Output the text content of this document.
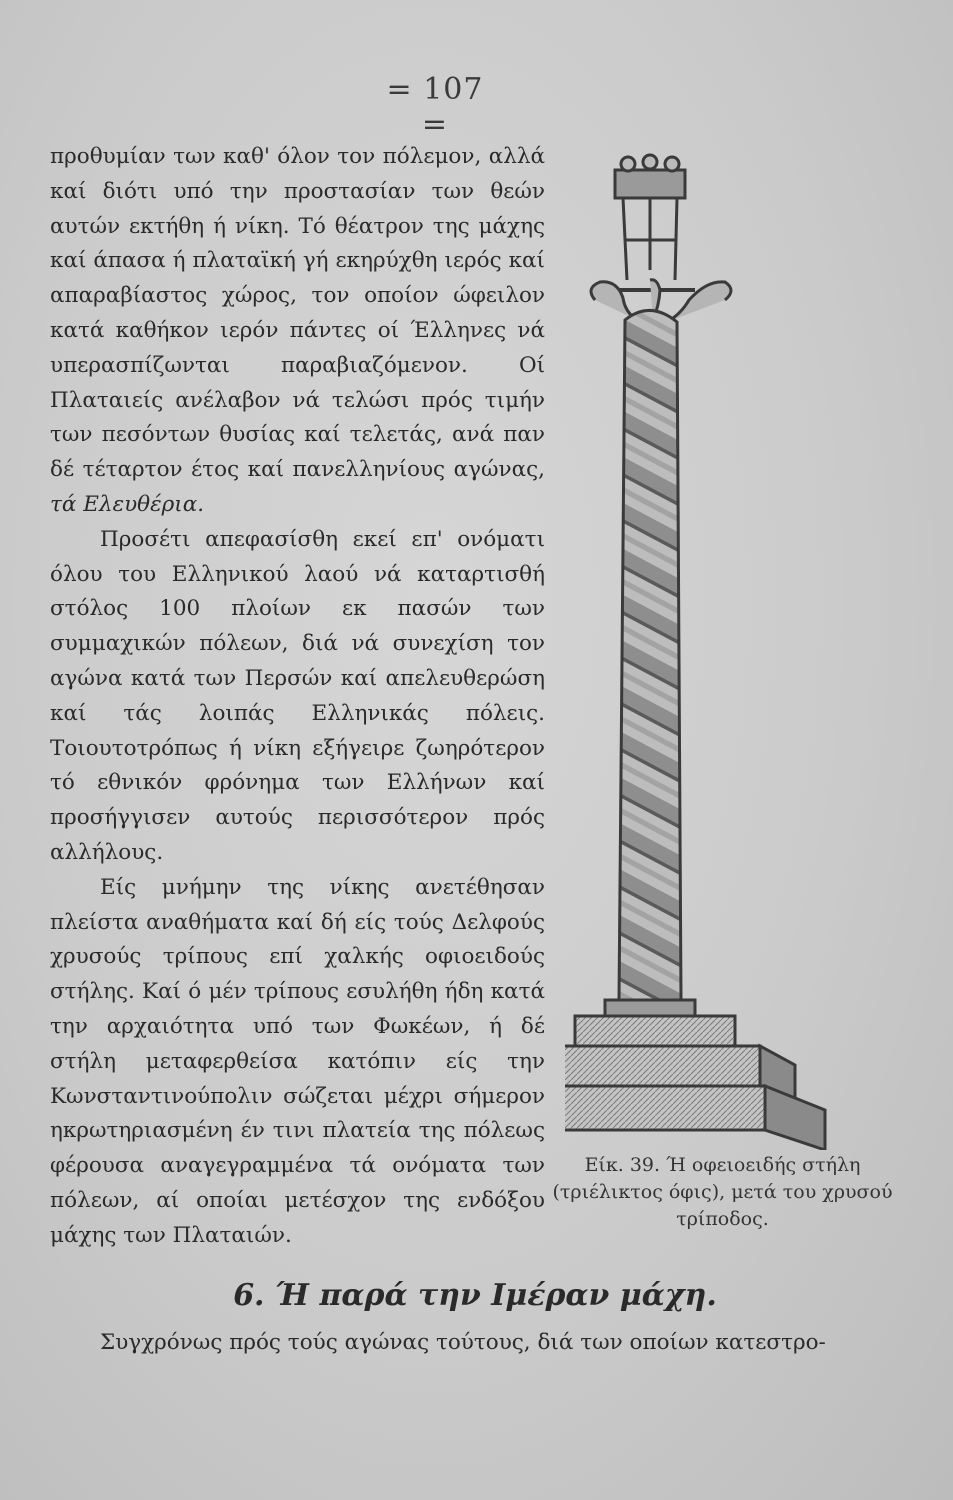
= 107 =

προθυμίαν των καθ' όλον τον πόλεμον, αλλά καί διότι υπό την προστασίαν των θεών αυτών εκτήθη ή νίκη. Τό θέατρον της μάχης καί άπασα ή πλαταϊκή γή εκηρύχθη ιερός καί απαραβίαστος χώρος, τον οποίον ώφειλον κατά καθήκον ιερόν πάντες οί Έλληνες νά υπερασπίζωνται παραβιαζόμενον. Οί Πλαταιείς ανέλαβον νά τελώσι πρός τιμήν των πεσόντων θυσίας καί τελετάς, ανά παν δέ τέταρτον έτος καί πανελληνίους αγώνας, τά Ελευθέρια.

Προσέτι απεφασίσθη εκεί επ' ονόματι όλου του Ελληνικού λαού νά καταρτισθή στόλος 100 πλοίων εκ πασών των συμμαχικών πόλεων, διά νά συνεχίση τον αγώνα κατά των Περσών καί απελευθερώση καί τάς λοιπάς Ελληνικάς πόλεις. Τοιουτοτρόπως ή νίκη εξήγειρε ζωηρότερον τό εθνικόν φρόνημα των Ελλήνων καί προσήγγισεν αυτούς περισσότερον πρός αλλήλους.

Είς μνήμην της νίκης ανετέθησαν πλείστα αναθήματα καί δή είς τούς Δελφούς χρυσούς τρίπους επί χαλκής οφιοειδούς στήλης. Καί ό μέν τρίπους εσυλήθη ήδη κατά την αρχαιότητα υπό των Φωκέων, ή δέ στήλη μεταφερθείσα κατόπιν είς την Κωνσταντινούπολιν σώζεται μέχρι σήμερον ηκρωτηριασμένη έν τινι πλατεία της πόλεως φέρουσα αναγεγραμμένα τά ονόματα των πόλεων, αί οποίαι μετέσχον της ενδόξου μάχης των Πλαταιών.

Είκ. 39. Ή οφειοειδής στήλη (τριέλικτος όφις), μετά του χρυσού τρίποδος.
6. Ή παρά την Ιμέραν μάχη.
Συγχρόνως πρός τούς αγώνας τούτους, διά των οποίων κατεστρο-
